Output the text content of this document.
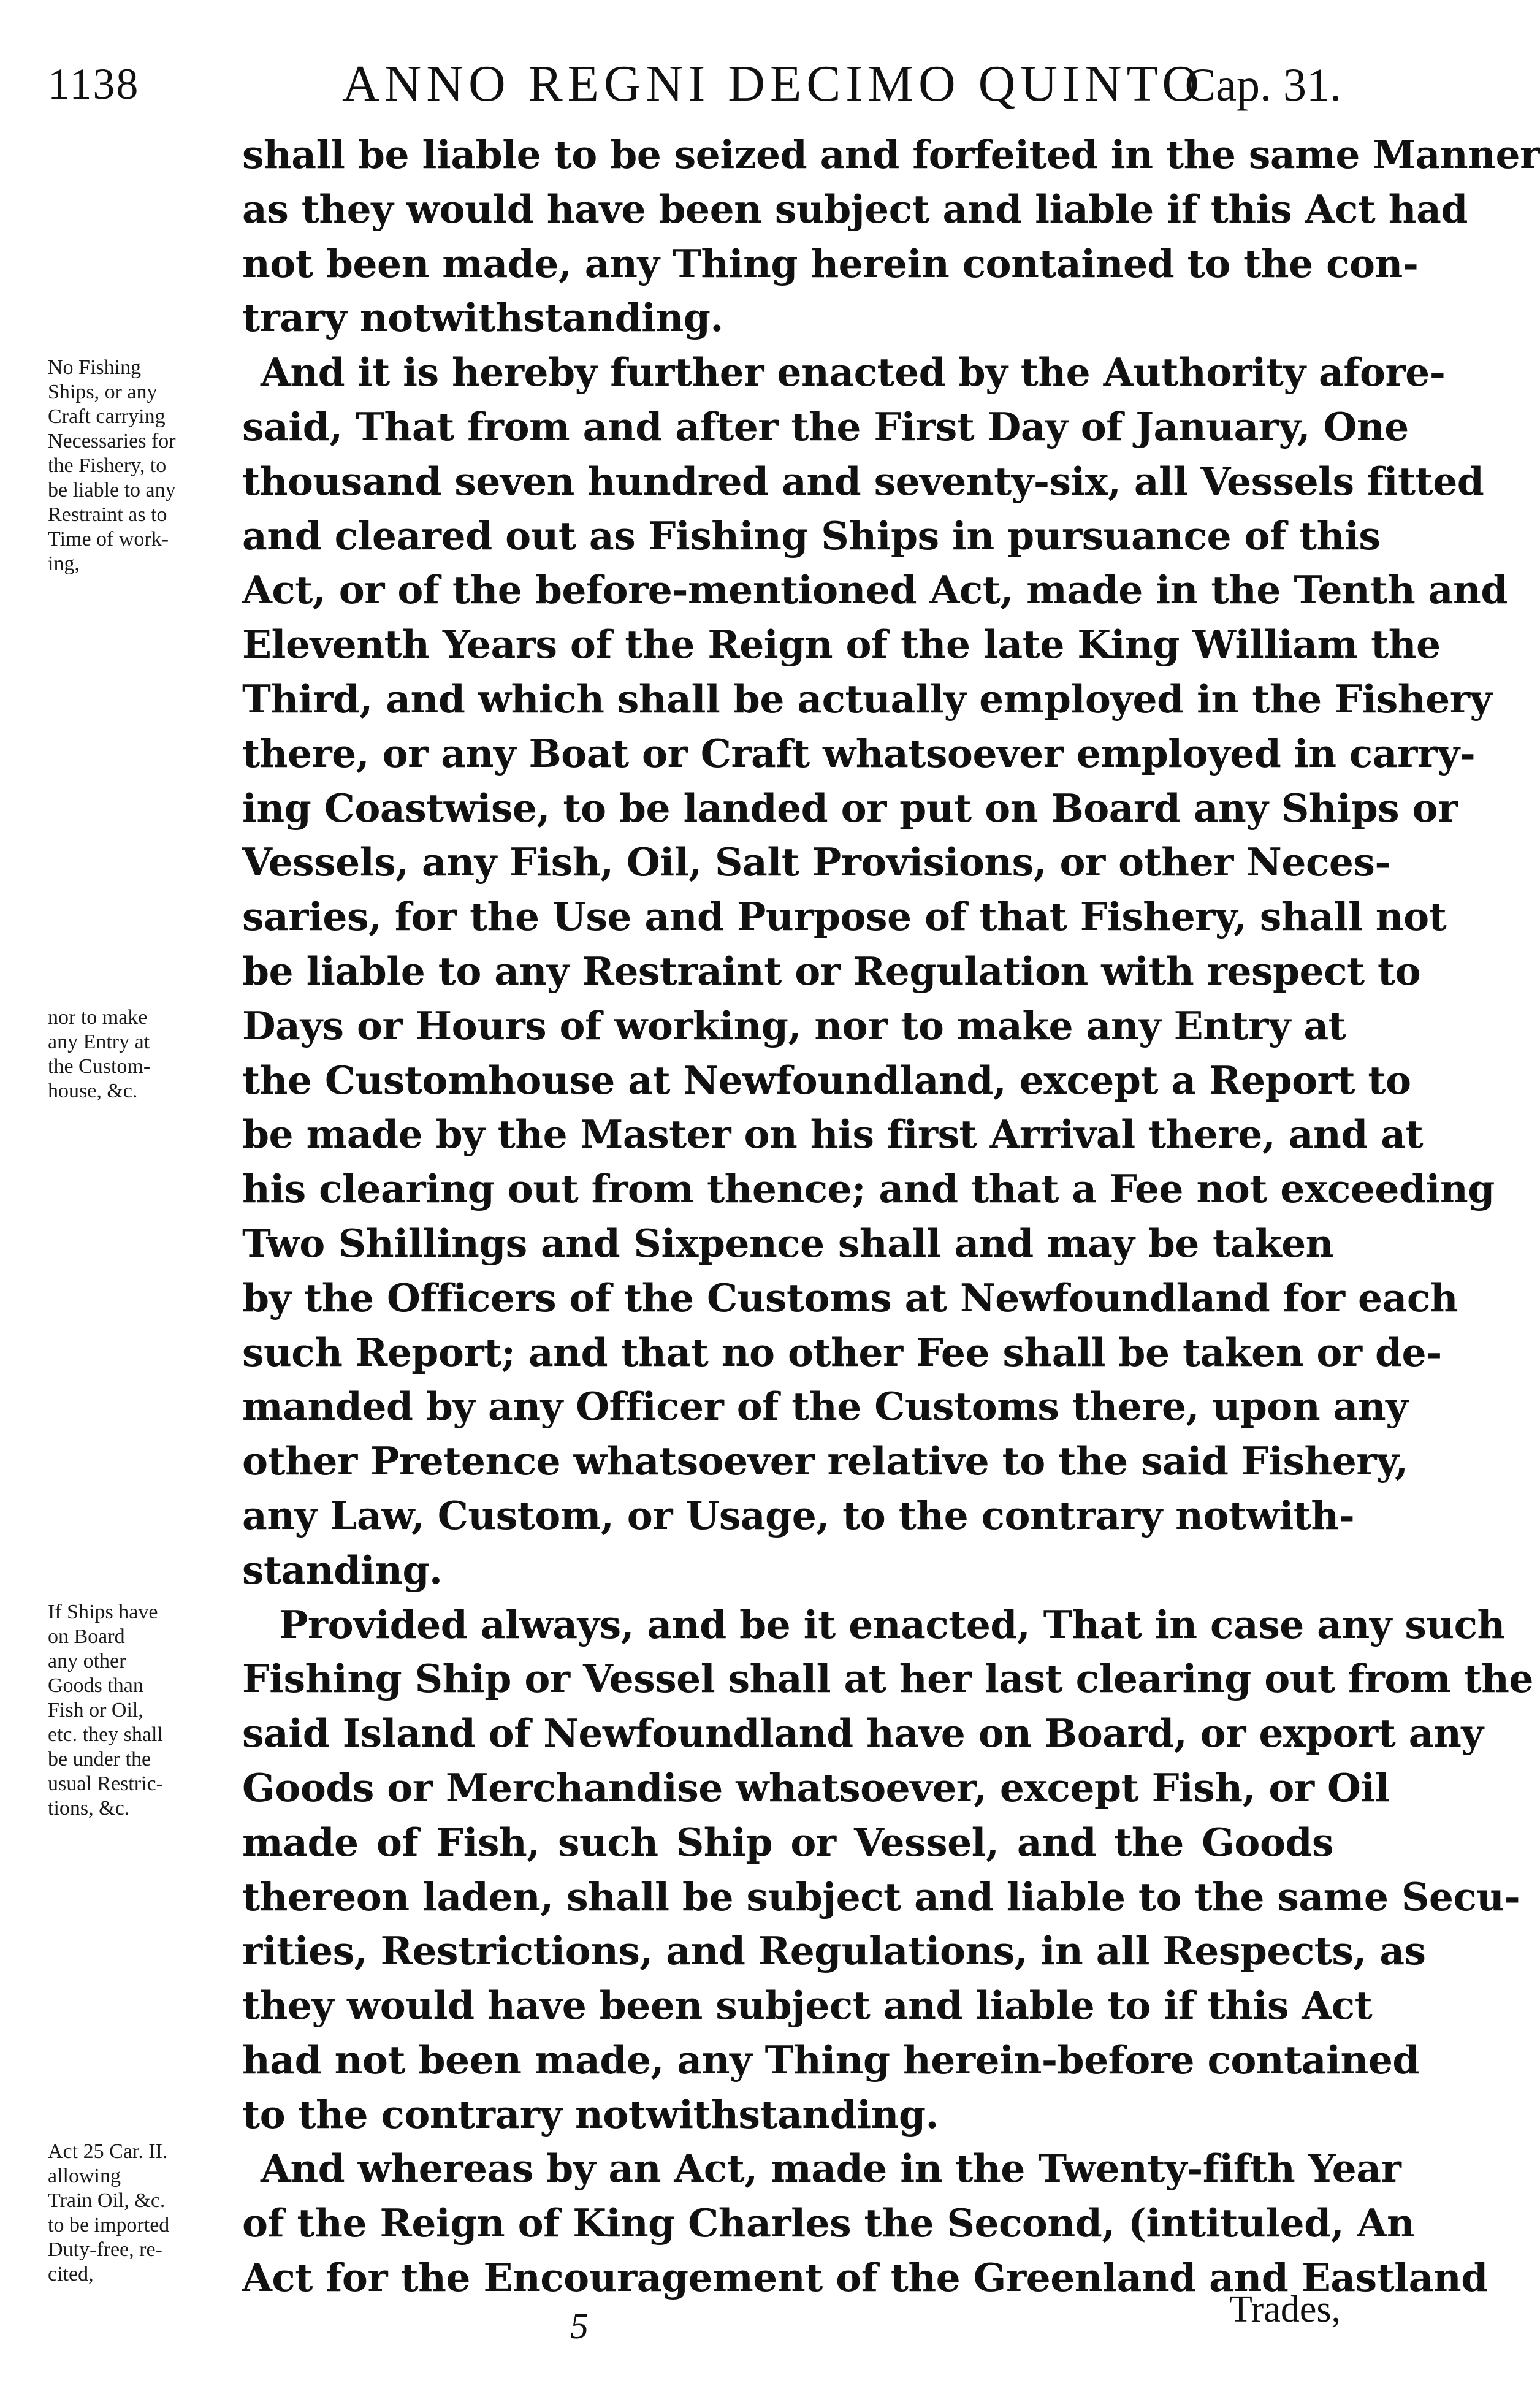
1138	ANNO REGNI DECIMO QUINTO
Cap. 31.
shall be liable to be seized and forfeited in the same Manner
as they would have been subject and liable if this Act had
not been made, any Thing herein contained to the con-
trary notwithstanding.
And it is hereby further enacted by the Authority afore-
said, That from and after the First Day of January, One
thousand seven hundred and seventy-six, all Vessels fitted
and cleared out as Fishing Ships in pursuance of this
Act, or of the before-mentioned Act, made in the Tenth and
Eleventh Years of the Reign of the late King William the
Third, and which shall be actually employed in the Fishery
there, or any Boat or Craft whatsoever employed in carry-
ing Coastwise, to be landed or put on Board any Ships or
Vessels, any Fish, Oil, Salt Provisions, or other Neces-
saries, for the Use and Purpose of that Fishery, shall not
be liable to any Restraint or Regulation with respect to
Days or Hours of working, nor to make any Entry at
the Customhouse at Newfoundland, except a Report to
be made by the Master on his first Arrival there, and at
his clearing out from thence; and that a Fee not exceeding
Two Shillings and Sixpence shall and may be taken
by the Officers of the Customs at Newfoundland for each
such Report; and that no other Fee shall be taken or de-
manded by any Officer of the Customs there, upon any
other Pretence whatsoever relative to the said Fishery,
any Law, Custom, or Usage, to the contrary notwith-
standing.
Provided always, and be it enacted, That in case any such
Fishing Ship or Vessel shall at her last clearing out from the
said Island of Newfoundland have on Board, or export any
Goods or Merchandise whatsoever, except Fish, or Oil
made of Fish, such Ship or Vessel, and the Goods
thereon laden, shall be subject and liable to the same Secu-
rities, Restrictions, and Regulations, in all Respects, as
they would have been subject and liable to if this Act
had not been made, any Thing herein-before contained
to the contrary notwithstanding.
And whereas by an Act, made in the Twenty-fifth Year
of the Reign of King Charles the Second, (intituled, An
Act for the Encouragement of the Greenland and Eastland
No Fishing
Ships, or any
Craft carrying
Necessaries for
the Fishery, to
be liable to any
Restraint as to
Time of work-
ing,
nor to make
any Entry at
the Custom-
house, &c.
If Ships have
on Board
any other
Goods than
Fish or Oil,
etc. they shall
be under the
usual Restric-
tions, &c.
Act 25 Car. II.
allowing
Train Oil, &c.
to be imported
Duty-free, re-
cited,
5	Trades,
